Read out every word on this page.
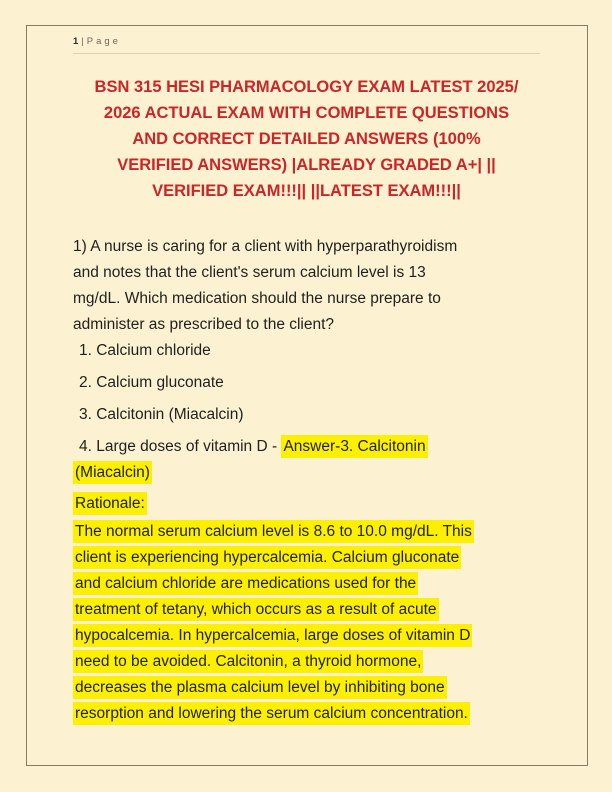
1 | Page
BSN 315 HESI PHARMACOLOGY EXAM LATEST 2025/
2026 ACTUAL EXAM WITH COMPLETE QUESTIONS
AND CORRECT DETAILED ANSWERS (100%
VERIFIED ANSWERS) |ALREADY GRADED A+| ||
VERIFIED EXAM!!!|| ||LATEST EXAM!!!||
1) A nurse is caring for a client with hyperparathyroidism
and notes that the client's serum calcium level is 13
mg/dL. Which medication should the nurse prepare to
administer as prescribed to the client?
1. Calcium chloride
2. Calcium gluconate
3. Calcitonin (Miacalcin)
4. Large doses of vitamin D - Answer-3. Calcitonin
(Miacalcin)
Rationale:
The normal serum calcium level is 8.6 to 10.0 mg/dL. This
client is experiencing hypercalcemia. Calcium gluconate
and calcium chloride are medications used for the
treatment of tetany, which occurs as a result of acute
hypocalcemia. In hypercalcemia, large doses of vitamin D
need to be avoided. Calcitonin, a thyroid hormone,
decreases the plasma calcium level by inhibiting bone
resorption and lowering the serum calcium concentration.
